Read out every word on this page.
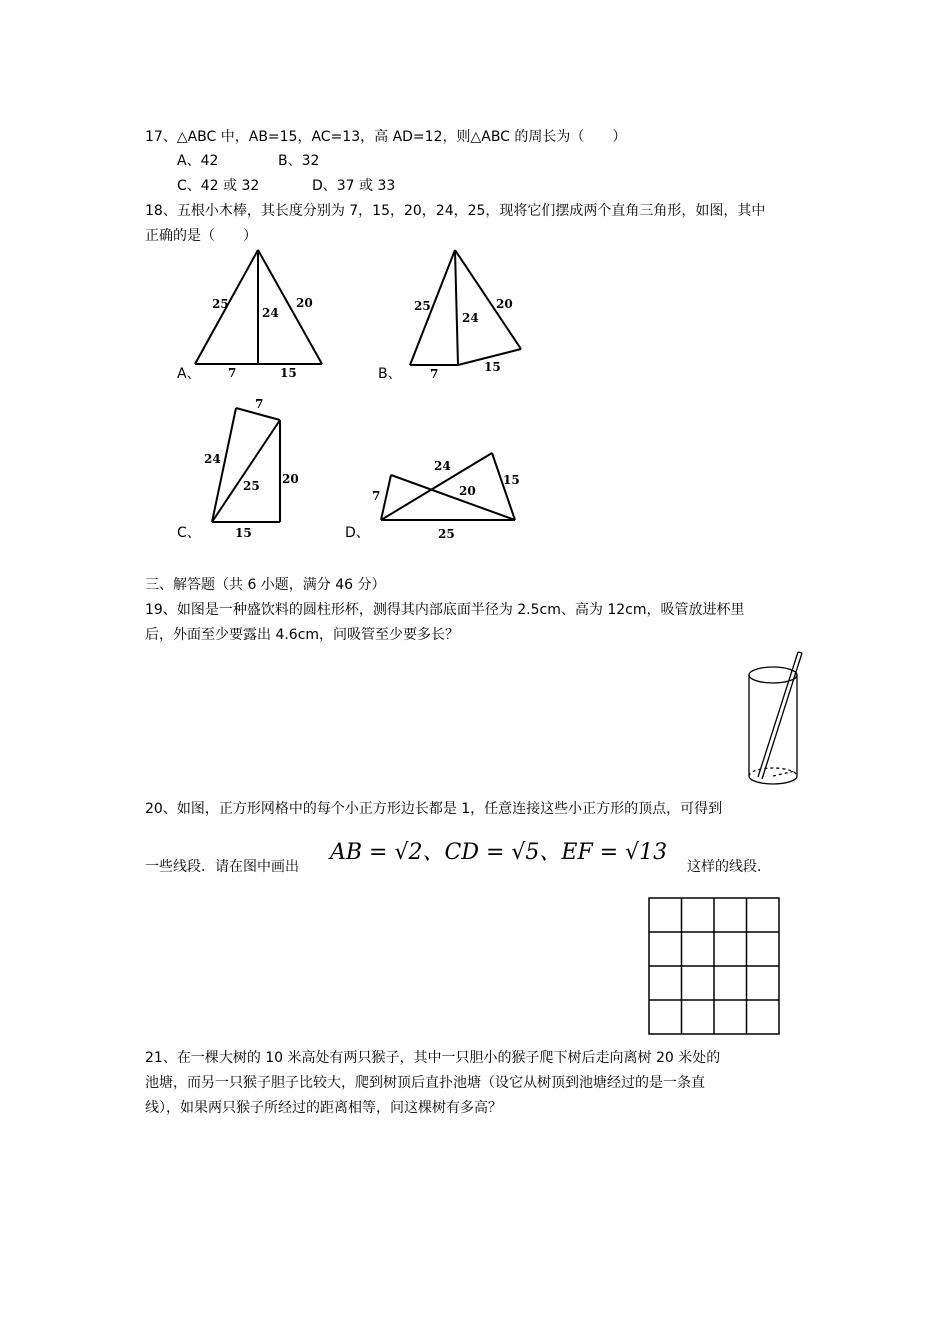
17、△ABC 中，AB=15，AC=13，高 AD=12，则△ABC 的周长为（　　）
A、42	B、32
C、42 或 32	D、37 或 33
18、五根小木棒，其长度分别为 7，15，20，24，25，现将它们摆成两个直角三角形，如图，其中
正确的是（　　）
25	20
24
7	15
A、
25	20
24
7	15
B、
7
24
25 20
15
C、
7
24
20
15
25
D、
三、解答题（共 6 小题，满分 46 分）
19、如图是一种盛饮料的圆柱形杯，测得其内部底面半径为 2.5cm、高为 12cm，吸管放进杯里
后，外面至少要露出 4.6cm，问吸管至少要多长？
20、如图，正方形网格中的每个小正方形边长都是 1，任意连接这些小正方形的顶点，可得到
一些线段．请在图中画出
AB = √2、CD = √5、EF = √13
这样的线段．
21、在一棵大树的 10 米高处有两只猴子，其中一只胆小的猴子爬下树后走向离树 20 米处的
池塘，而另一只猴子胆子比较大，爬到树顶后直扑池塘（设它从树顶到池塘经过的是一条直
线），如果两只猴子所经过的距离相等，问这棵树有多高？
